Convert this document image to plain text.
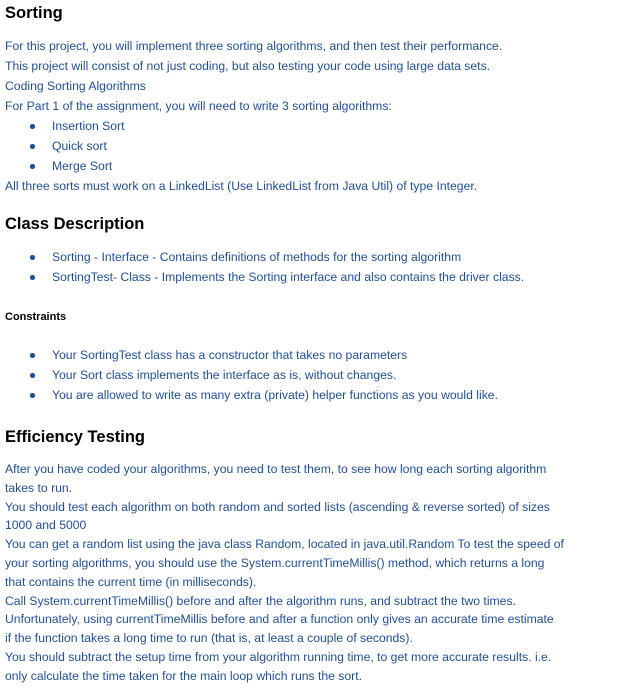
Sorting

For this project, you will implement three sorting algorithms, and then test their performance.

This project will consist of not just coding, but also testing your code using large data sets.

Coding Sorting Algorithms

For Part 1 of the assignment, you will need to write 3 sorting algorithms:

Insertion Sort
Quick sort
Merge Sort

All three sorts must work on a LinkedList (Use LinkedList from Java Util) of type Integer.

Class Description
Sorting - Interface - Contains definitions of methods for the sorting algorithm
SortingTest- Class - Implements the Sorting interface and also contains the driver class.
Constraints
Your SortingTest class has a constructor that takes no parameters
Your Sort class implements the interface as is, without changes.
You are allowed to write as many extra (private) helper functions as you would like.
Efficiency Testing

After you have coded your algorithms, you need to test them, to see how long each sorting algorithm

takes to run.

You should test each algorithm on both random and sorted lists (ascending & reverse sorted) of sizes

1000 and 5000

You can get a random list using the java class Random, located in java.util.Random To test the speed of

your sorting algorithms, you should use the System.currentTimeMillis() method, which returns a long

that contains the current time (in milliseconds).

Call System.currentTimeMillis() before and after the algorithm runs, and subtract the two times.

Unfortunately, using currentTimeMillis before and after a function only gives an accurate time estimate

if the function takes a long time to run (that is, at least a couple of seconds).

You should subtract the setup time from your algorithm running time, to get more accurate results. i.e.

only calculate the time taken for the main loop which runs the sort.
